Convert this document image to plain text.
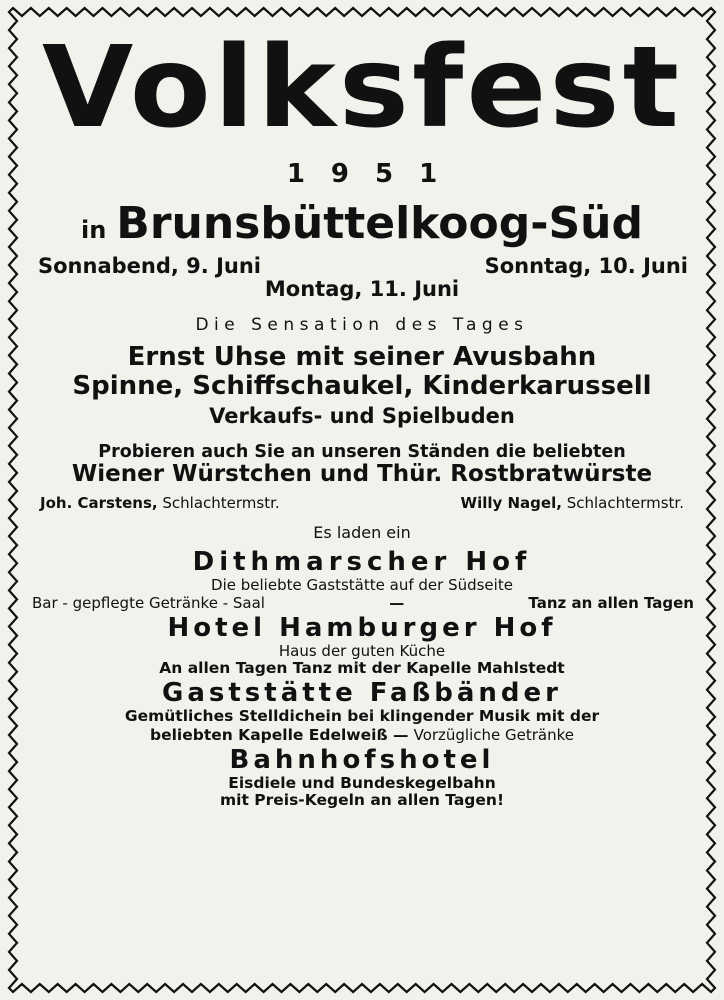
Volksfest
1951
in Brunsbüttelkoog-Süd
Sonnabend, 9. Juni	Sonntag, 10. Juni
Montag, 11. Juni
Die Sensation des Tages
Ernst Uhse mit seiner Avusbahn
Spinne, Schiffschaukel, Kinderkarussell
Verkaufs- und Spielbuden
Probieren auch Sie an unseren Ständen die beliebten
Wiener Würstchen und Thür. Rostbratwürste
Joh. Carstens, Schlachtermstr.	Willy Nagel, Schlachtermstr.
Es laden ein
Dithmarscher Hof
Die beliebte Gaststätte auf der Südseite
Bar - gepflegte Getränke - Saal	—	Tanz an allen Tagen
Hotel Hamburger Hof
Haus der guten Küche
An allen Tagen Tanz mit der Kapelle Mahlstedt
Gaststätte Faßbänder
Gemütliches Stelldichein bei klingender Musik mit der
beliebten Kapelle Edelweiß — Vorzügliche Getränke
Bahnhofshotel
Eisdiele und Bundeskegelbahn
mit Preis-Kegeln an allen Tagen!
